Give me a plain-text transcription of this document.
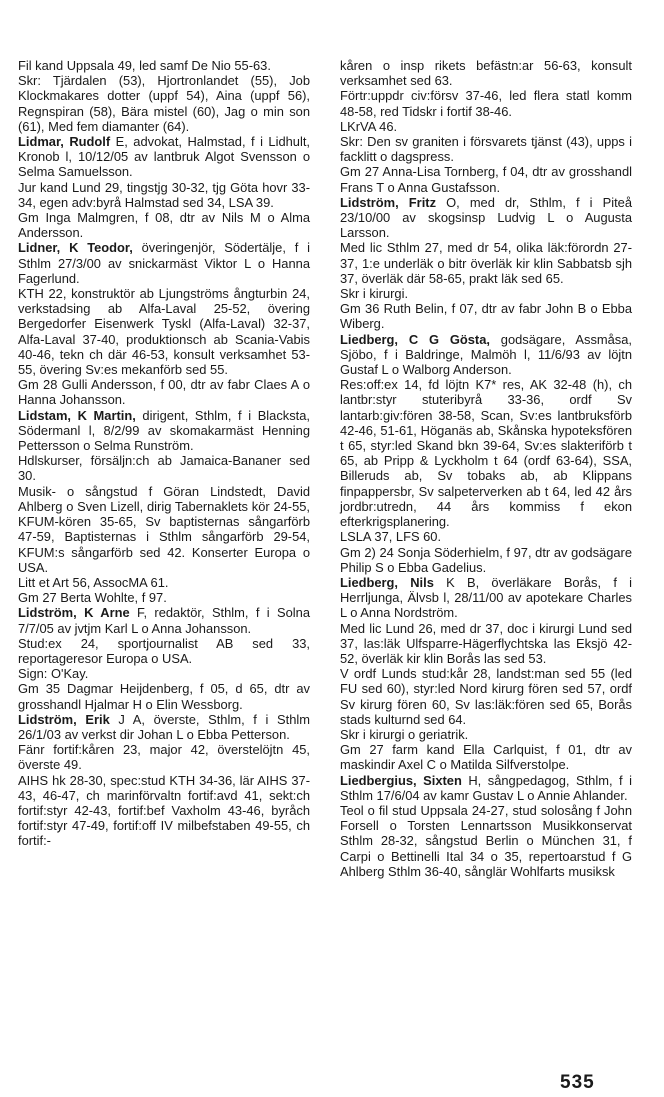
Fil kand Uppsala 49, led samf De Nio 55-63.

Skr: Tjärdalen (53), Hjortronlandet (55), Job Klockmakares dotter (uppf 54), Aina (uppf 56), Regnspiran (58), Bära mistel (60), Jag o min son (61), Med fem diamanter (64).

Lidmar, Rudolf E, advokat, Halmstad, f i Lidhult, Kronob l, 10/12/05 av lantbruk Algot Svensson o Selma Samuelsson.

Jur kand Lund 29, tingstjg 30-32, tjg Göta hovr 33-34, egen adv:byrå Halmstad sed 34, LSA 39.

Gm Inga Malmgren, f 08, dtr av Nils M o Alma Andersson.

Lidner, K Teodor, överingenjör, Södertälje, f i Sthlm 27/3/00 av snickarmäst Viktor L o Hanna Fagerlund.

KTH 22, konstruktör ab Ljungströms ångturbin 24, verkstadsing ab Alfa-Laval 25-52, övering Bergedorfer Eisenwerk Tyskl (Alfa-Laval) 32-37, Alfa-Laval 37-40, produktionsch ab Scania-Vabis 40-46, tekn ch där 46-53, konsult verksamhet 53-55, övering Sv:es mekanförb sed 55.

Gm 28 Gulli Andersson, f 00, dtr av fabr Claes A o Hanna Johansson.

Lidstam, K Martin, dirigent, Sthlm, f i Blacksta, Södermanl l, 8/2/99 av skomakarmäst Henning Pettersson o Selma Runström.

Hdlskurser, försäljn:ch ab Jamaica-Bananer sed 30.

Musik- o sångstud f Göran Lindstedt, David Ahlberg o Sven Lizell, dirig Tabernaklets kör 24-55, KFUM-kören 35-65, Sv baptisternas sångarförb 47-59, Baptisternas i Sthlm sångarförb 29-54, KFUM:s sångarförb sed 42. Konserter Europa o USA.

Litt et Art 56, AssocMA 61.

Gm 27 Berta Wohlte, f 97.

Lidström, K Arne F, redaktör, Sthlm, f i Solna 7/7/05 av jvtjm Karl L o Anna Johansson.

Stud:ex 24, sportjournalist AB sed 33, reportageresor Europa o USA.

Sign: O'Kay.

Gm 35 Dagmar Heijdenberg, f 05, d 65, dtr av grosshandl Hjalmar H o Elin Wessborg.

Lidström, Erik J A, överste, Sthlm, f i Sthlm 26/1/03 av verkst dir Johan L o Ebba Petterson.

Fänr fortif:kåren 23, major 42, överstelöjtn 45, överste 49.

AIHS hk 28-30, spec:stud KTH 34-36, lär AIHS 37-43, 46-47, ch marinförvaltn fortif:avd 41, sekt:ch fortif:styr 42-43, fortif:bef Vaxholm 43-46, byråch fortif:styr 47-49, fortif:off IV milbefstaben 49-55, ch fortif:-

kåren o insp rikets befästn:ar 56-63, konsult verksamhet sed 63.

Förtr:uppdr civ:försv 37-46, led flera statl komm 48-58, red Tidskr i fortif 38-46.

LKrVA 46.

Skr: Den sv graniten i försvarets tjänst (43), upps i facklitt o dagspress.

Gm 27 Anna-Lisa Tornberg, f 04, dtr av grosshandl Frans T o Anna Gustafsson.

Lidström, Fritz O, med dr, Sthlm, f i Piteå 23/10/00 av skogsinsp Ludvig L o Augusta Larsson.

Med lic Sthlm 27, med dr 54, olika läk:förordn 27-37, 1:e underläk o bitr överläk kir klin Sabbatsb sjh 37, överläk där 58-65, prakt läk sed 65.

Skr i kirurgi.

Gm 36 Ruth Belin, f 07, dtr av fabr John B o Ebba Wiberg.

Liedberg, C G Gösta, godsägare, Assmåsa, Sjöbo, f i Baldringe, Malmöh l, 11/6/93 av löjtn Gustaf L o Walborg Anderson.

Res:off:ex 14, fd löjtn K7* res, AK 32-48 (h), ch lantbr:styr stuteribyrå 33-36, ordf Sv lantarb:giv:fören 38-58, Scan, Sv:es lantbruksförb 42-46, 51-61, Höganäs ab, Skånska hypoteksfören t 65, styr:led Skand bkn 39-64, Sv:es slakteriförb t 65, ab Pripp & Lyckholm t 64 (ordf 63-64), SSA, Billeruds ab, Sv tobaks ab, ab Klippans finpappersbr, Sv salpeterverken ab t 64, led 42 års jordbr:utredn, 44 års kommiss f ekon efterkrigsplanering.

LSLA 37, LFS 60.

Gm 2) 24 Sonja Söderhielm, f 97, dtr av godsägare Philip S o Ebba Gadelius.

Liedberg, Nils K B, överläkare Borås, f i Herrljunga, Älvsb l, 28/11/00 av apotekare Charles L o Anna Nordström.

Med lic Lund 26, med dr 37, doc i kirurgi Lund sed 37, las:läk Ulfsparre-Hägerflychtska las Eksjö 42-52, överläk kir klin Borås las sed 53.

V ordf Lunds stud:kår 28, landst:man sed 55 (led FU sed 60), styr:led Nord kirurg fören sed 57, ordf Sv kirurg fören 60, Sv las:läk:fören sed 65, Borås stads kulturnd sed 64.

Skr i kirurgi o geriatrik.

Gm 27 farm kand Ella Carlquist, f 01, dtr av maskindir Axel C o Matilda Silfverstolpe.

Liedbergius, Sixten H, sångpedagog, Sthlm, f i Sthlm 17/6/04 av kamr Gustav L o Annie Ahlander.

Teol o fil stud Uppsala 24-27, stud solosång f John Forsell o Torsten Lennartsson Musikkonservat Sthlm 28-32, sångstud Berlin o München 31, f Carpi o Bettinelli Ital 34 o 35, repertoarstud f G Ahlberg Sthlm 36-40, sånglär Wohlfarts musiksk

535
